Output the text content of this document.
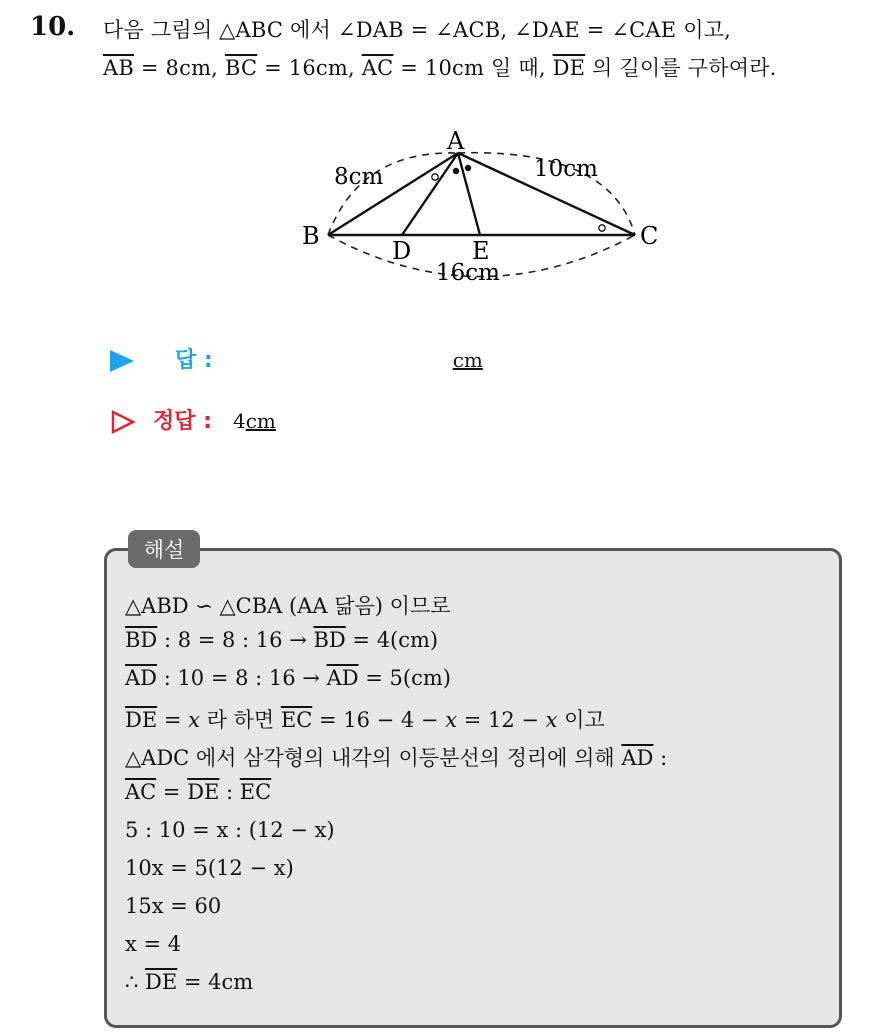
10. 다음 그림의 △ABC 에서 ∠DAB = ∠ACB, ∠DAE = ∠CAE 이고,
$\overline{AB} = 8cm$, $\overline{BC} = 16cm$, $\overline{AC} = 10cm$ 일 때, $\overline{DE}$ 의 길이를 구하여라.
A
B	C
D	E
8cm	10cm
16cm
답 :	cm
정답 : 4cm
해설
△ABD ∽ △CBA (AA 닮음) 이므로
$\overline{BD}$ : 8 = 8 : $16 \to \overline{BD} = 4(cm)$
$\overline{AD}$ : 10 = 8 : $16 \to \overline{AD} = 5(cm)$
$\overline{DE} = x$ 라 하면 $\overline{EC} = 16 - 4 - x = 12 - x$ 이고
△ADC 에서 삼각형의 내각의 이등분선의 정리에 의해 $\overline{AD}$ :
$\overline{AC} = \overline{DE}$ : $\overline{EC}$
5 : 10 = x : (12 − x)
10x = 5(12 − x)
15x = 60
x = 4
∴ $\overline{DE} = 4cm$
